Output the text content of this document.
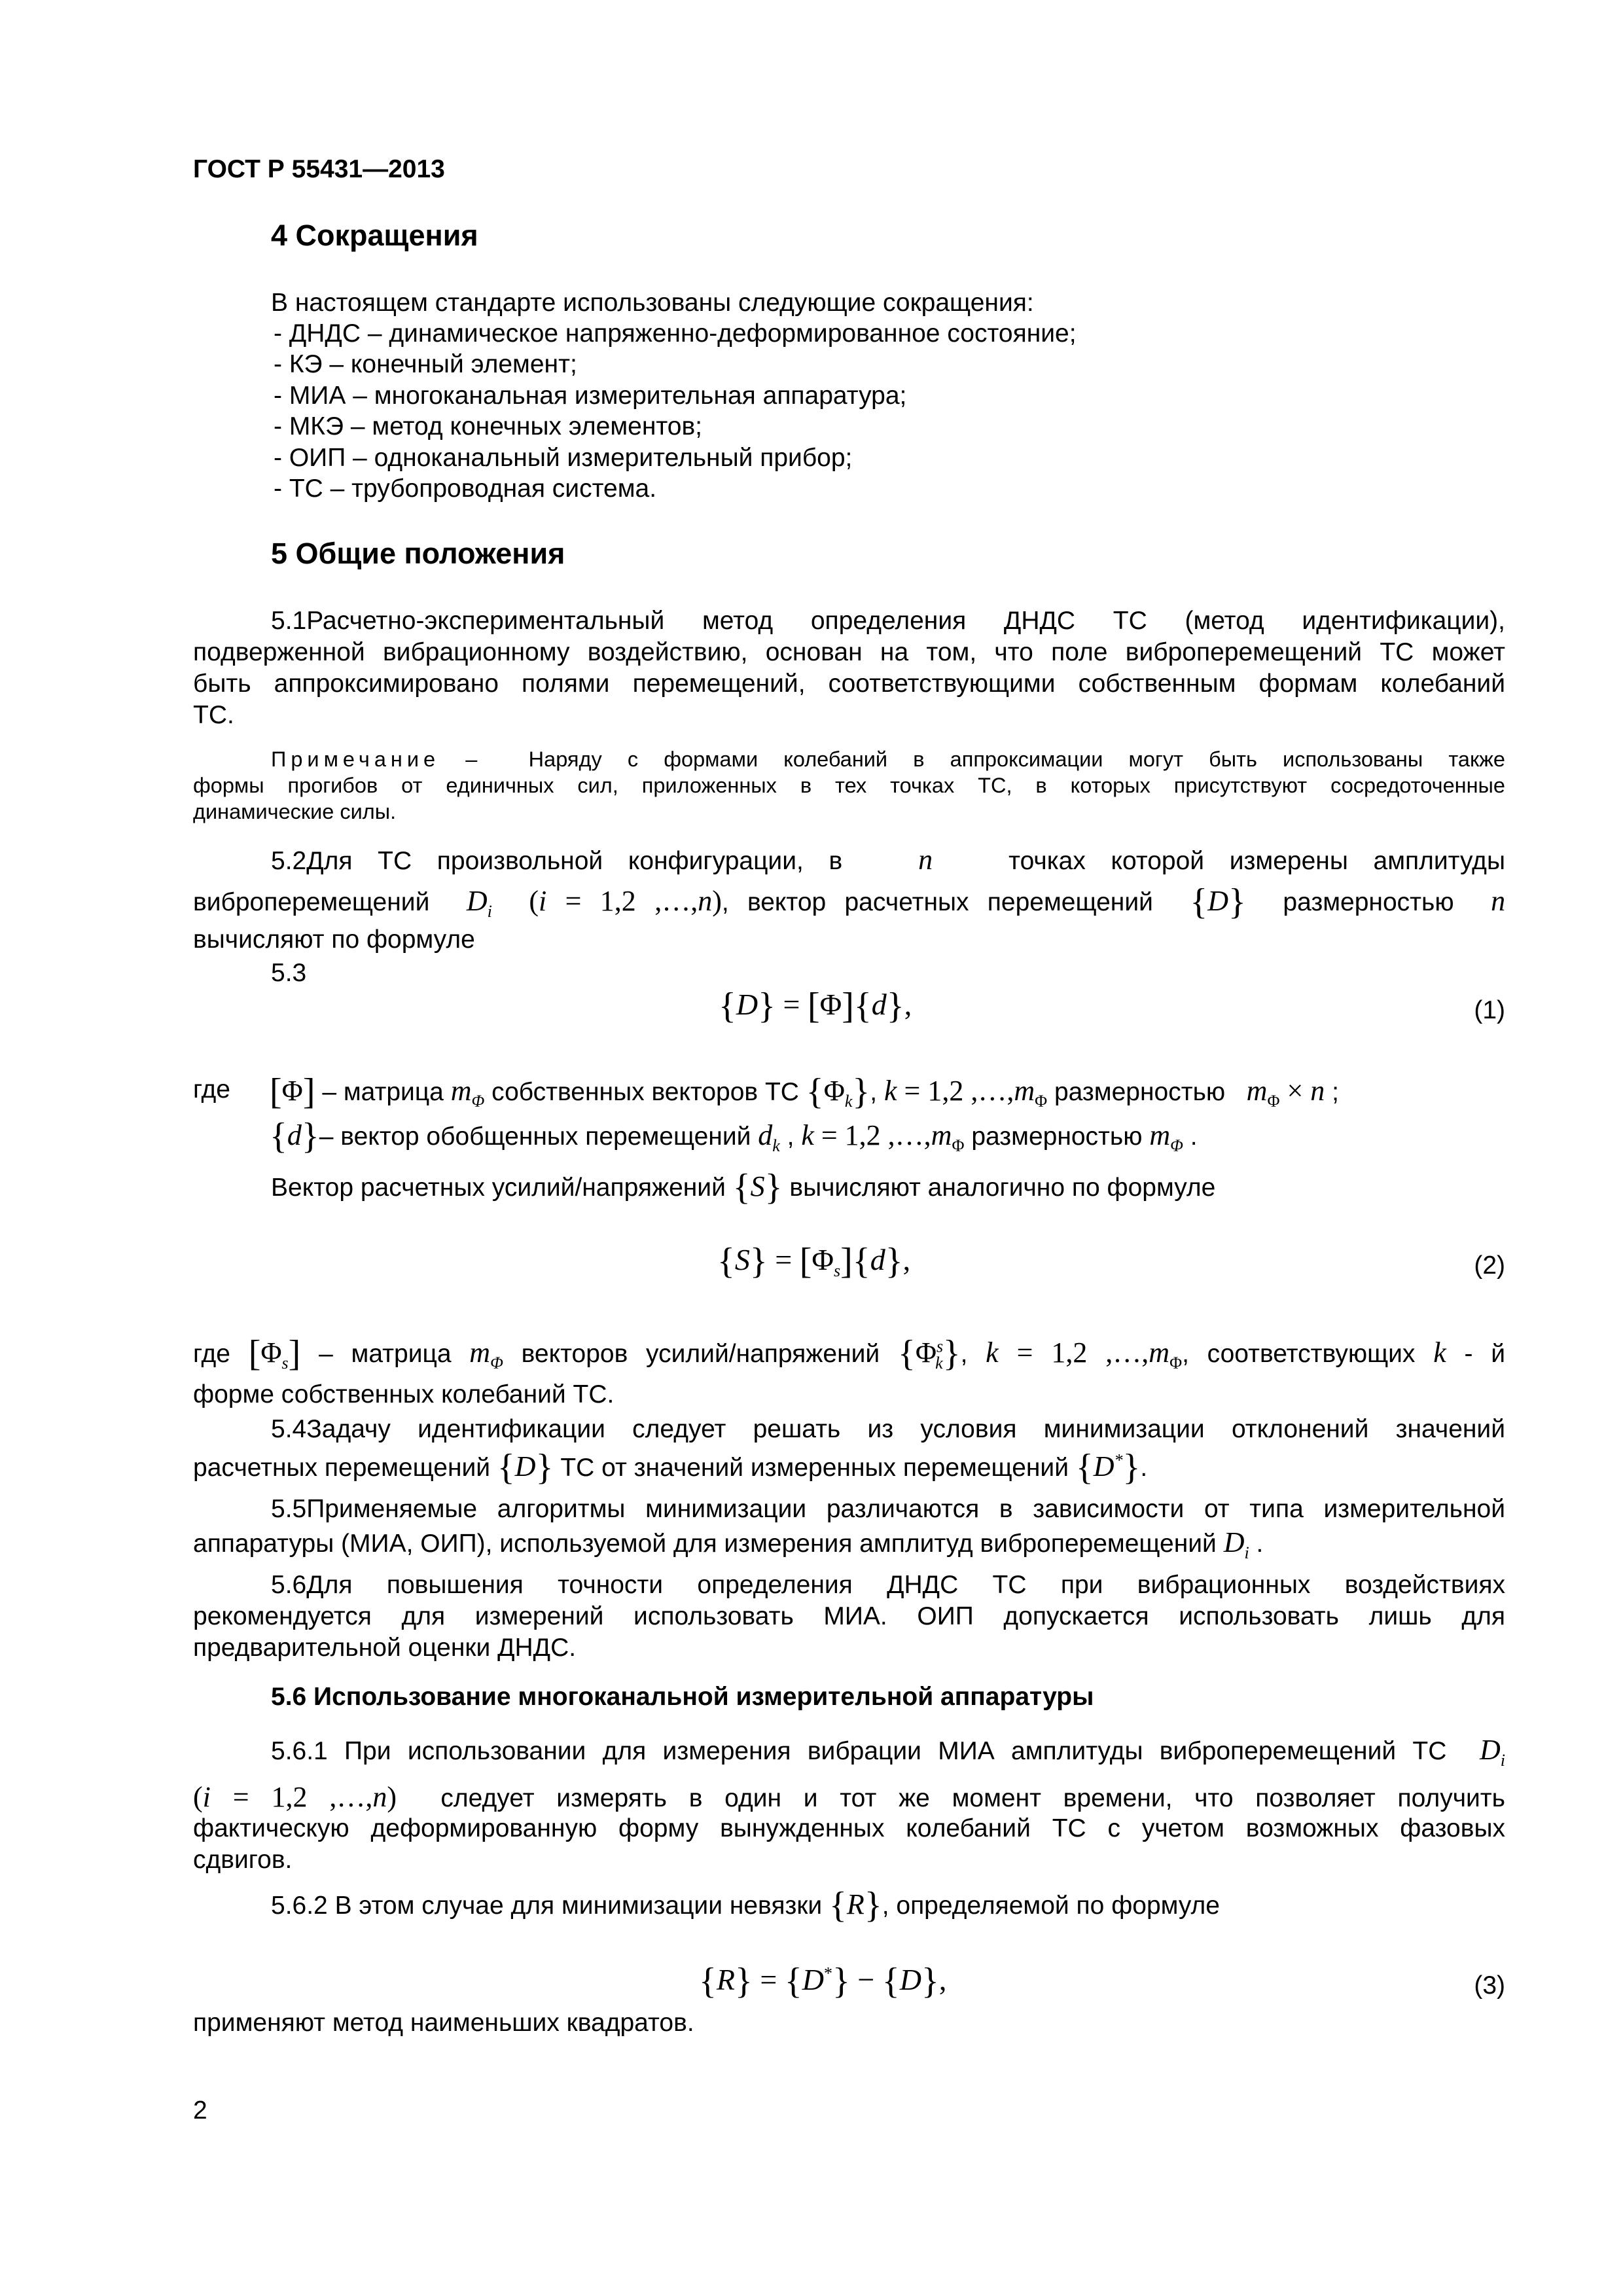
ГОСТ Р 55431—2013
4 Сокращения
В настоящем стандарте использованы следующие сокращения:
- ДНДС – динамическое напряженно-деформированное состояние;
- КЭ – конечный элемент;
- МИА – многоканальная измерительная аппаратура;
- МКЭ – метод конечных элементов;
- ОИП – одноканальный измерительный прибор;
- ТС – трубопроводная система.
5 Общие положения
5.1Расчетно-экспериментальный метод определения ДНДС ТС (метод идентификации),
подверженной вибрационному воздействию, основан на том, что поле виброперемещений ТС может
быть аппроксимировано полями перемещений, соответствующими собственным формам колебаний
ТС.
Примечание – Наряду с формами колебаний в аппроксимации могут быть использованы также
формы прогибов от единичных сил, приложенных в тех точках ТС, в которых присутствуют сосредоточенные
динамические силы.
5.2Для ТС произвольной конфигурации, в	n	точках которой измерены амплитуды
виброперемещений $D_i$ (i = 1,2 ,…,n), вектор расчетных перемещений {D} размерностью n
вычисляют по формуле
5.3
{D} = [Φ]{d},	(1)
где [Φ] – матрица $m_\Phi$ собственных векторов ТС $\{\Phi_k\}$, k = 1,2 $,\dots,m_\Phi$ размерностью $m_\Phi \times n$ ;
{d}– вектор обобщенных перемещений $d_k$ , k = 1,2 $,\dots,m_\Phi$ размерностью $m_\Phi$ .
Вектор расчетных усилий/напряжений {S} вычисляют аналогично по формуле
$\{S\} = [\Phi_s]\{d\}$,	(2)
где $[\Phi_s]$ – матрица $m_\Phi$ векторов усилий/напряжений $\{\Phi^s_k\}$, k = 1,2 $,\dots,m_\Phi$, соответствующих k - й
форме собственных колебаний ТС.
5.4Задачу идентификации следует решать из условия минимизации отклонений значений
расчетных перемещений {D} ТС от значений измеренных перемещений {D*}.
5.5Применяемые алгоритмы минимизации различаются в зависимости от типа измерительной
аппаратуры (МИА, ОИП), используемой для измерения амплитуд виброперемещений $D_i$ .
5.6Для повышения точности определения ДНДС ТС при вибрационных воздействиях
рекомендуется для измерений использовать МИА. ОИП допускается использовать лишь для
предварительной оценки ДНДС.
5.6 Использование многоканальной измерительной аппаратуры
5.6.1 При использовании для измерения вибрации МИА амплитуды виброперемещений ТС $D_i$
(i = 1,2 ,…,n) следует измерять в один и тот же момент времени, что позволяет получить
фактическую деформированную форму вынужденных колебаний ТС с учетом возможных фазовых
сдвигов.
5.6.2 В этом случае для минимизации невязки {R}, определяемой по формуле
{R} = {D*} − {D},	(3)
применяют метод наименьших квадратов.
2
